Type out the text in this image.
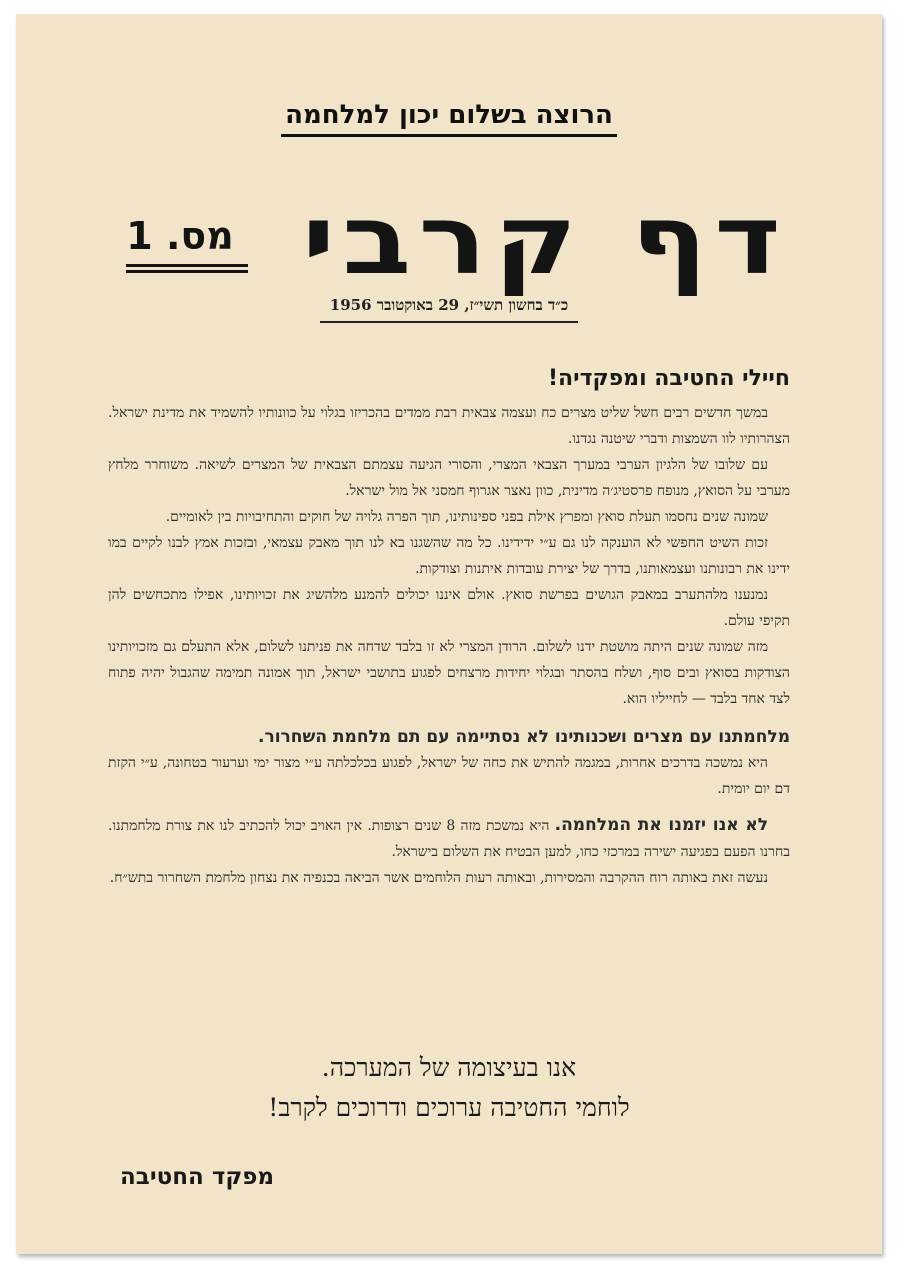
הרוצה בשלום יכון למלחמה
דף קרבי
מס. 1
כ״ד בחשון תשי״ז, 29 באוקטובר 1956
חיילי החטיבה ומפקדיה!

במשך חדשים רבים חשל שליט מצרים כח ועצמה צבאית רבת ממדים בהכריזו בגלוי על כוונותיו להשמיד את מדינת ישראל. הצהרותיו לוו השמצות ודברי שיטנה נגדנו.

עם שלובו של הלגיון הערבי במערך הצבאי המצרי, והסורי הגיעה עצמתם הצבאית של המצרים לשיאה. משוחרר מלחץ מערבי על הסואץ, מנופח פרסטיג׳ה מדינית, כוון נאצר אגרוף חמסני אל מול ישראל.

שמונה שנים נחסמו תעלת סואץ ומפרץ אילת בפני ספינותינו, תוך הפרה גלויה של חוקים והתחיבויות בין לאומיים.

זכות השיט החפשי לא הוענקה לנו גם ע״י ידידינו. כל מה שהשגנו בא לנו תוך מאבק עצמאי, ובזכות אמץ לבנו לקיים במו ידינו את רבונותנו ועצמאותנו, בדרך של יצירת עובדות איתנות וצודקות.

נמנענו מלהתערב במאבק הגושים בפרשת סואץ. אולם איננו יכולים להמנע מלהשיג את זכויותינו, אפילו מתכחשים להן תקיפי עולם.

מזה שמונה שנים היתה מושטת ידנו לשלום. הרודן המצרי לא זו בלבד שדחה את פניתנו לשלום, אלא התעלם גם מזכויותינו הצודקות בסואץ ובים סוף, ושלח בהסתר ובגלוי יחידות מרצחים לפגוע בתושבי ישראל, תוך אמונה תמימה שהגבול יהיה פתוח לצד אחד בלבד — לחייליו הוא.

מלחמתנו עם מצרים ושכנותינו לא נסתיימה עם תם מלחמת השחרור.

היא נמשכה בדרכים אחרות, במגמה להתיש את כחה של ישראל, לפגוע בכלכלתה ע״י מצור ימי וערעור בטחונה, ע״י הקזת דם יום יומית.

לא אנו יזמנו את המלחמה. היא נמשכת מזה 8 שנים רצופות. אין האויב יכול להכתיב לנו את צורת מלחמתנו. בחרנו הפעם בפגיעה ישירה במרכזי כחו, למען הבטיח את השלום בישראל.

נעשה זאת באותה רוח ההקרבה והמסירות, ובאותה רעות הלוחמים אשר הביאה בכנפיה את נצחון מלחמת השחרור בתש״ח.

אנו בעיצומה של המערכה.
לוחמי החטיבה ערוכים ודרוכים לקרב!
מפקד החטיבה
